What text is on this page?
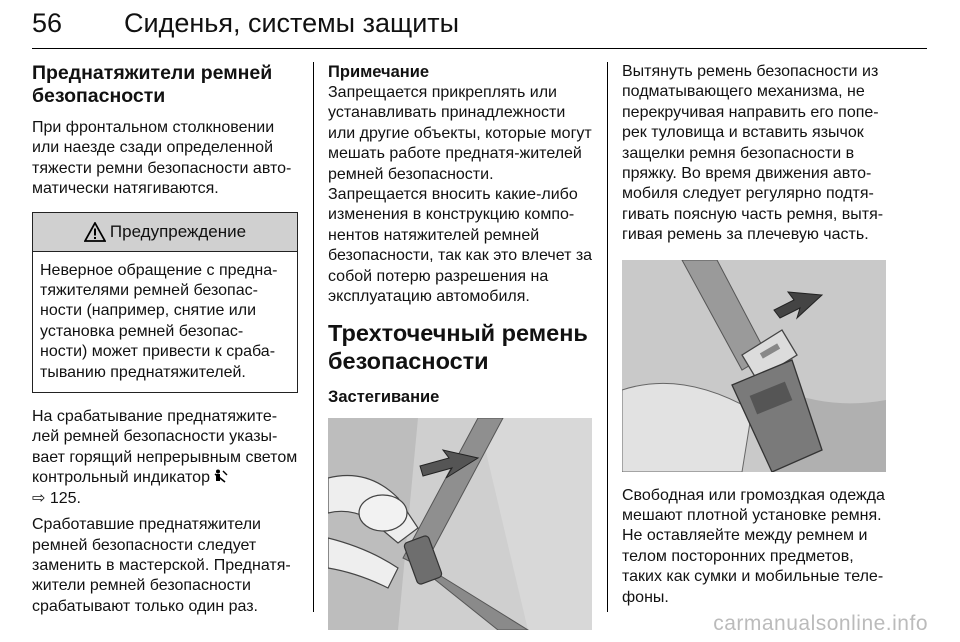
56 Сиденья, системы защиты
Преднатяжители ремней безопасности

При фронтальном столкновении или наезде сзади определенной тяжести ремни безопасности авто-матически натягиваются.

Предупреждение

Неверное обращение с предна-тяжителями ремней безопас-ности (например, снятие или установка ремней безопас-ности) может привести к сраба-тыванию преднатяжителей.

На срабатывание преднатяжите-лей ремней безопасности указы-вает горящий непрерывным светом контрольный индикатор
⇨ 125.

Сработавшие преднатяжители ремней безопасности следует заменить в мастерской. Преднатя-жители ремней безопасности срабатывают только один раз.

Примечание

Запрещается прикреплять или устанавливать принадлежности или другие объекты, которые могут мешать работе преднатя-жителей ремней безопасности. Запрещается вносить какие-либо изменения в конструкцию компо-нентов натяжителей ремней безопасности, так как это влечет за собой потерю разрешения на эксплуатацию автомобиля.

Трехточечный ремень безопасности
Застегивание

Вытянуть ремень безопасности из подматывающего механизма, не перекручивая направить его попе-рек туловища и вставить язычок защелки ремня безопасности в пряжку. Во время движения авто-мобиля следует регулярно подтя-гивать поясную часть ремня, вытя-гивая ремень за плечевую часть.

Свободная или громоздкая одежда мешают плотной установке ремня. Не оставляейте между ремнем и телом посторонних предметов, таких как сумки и мобильные теле-фоны.

carmanualsonline.info
